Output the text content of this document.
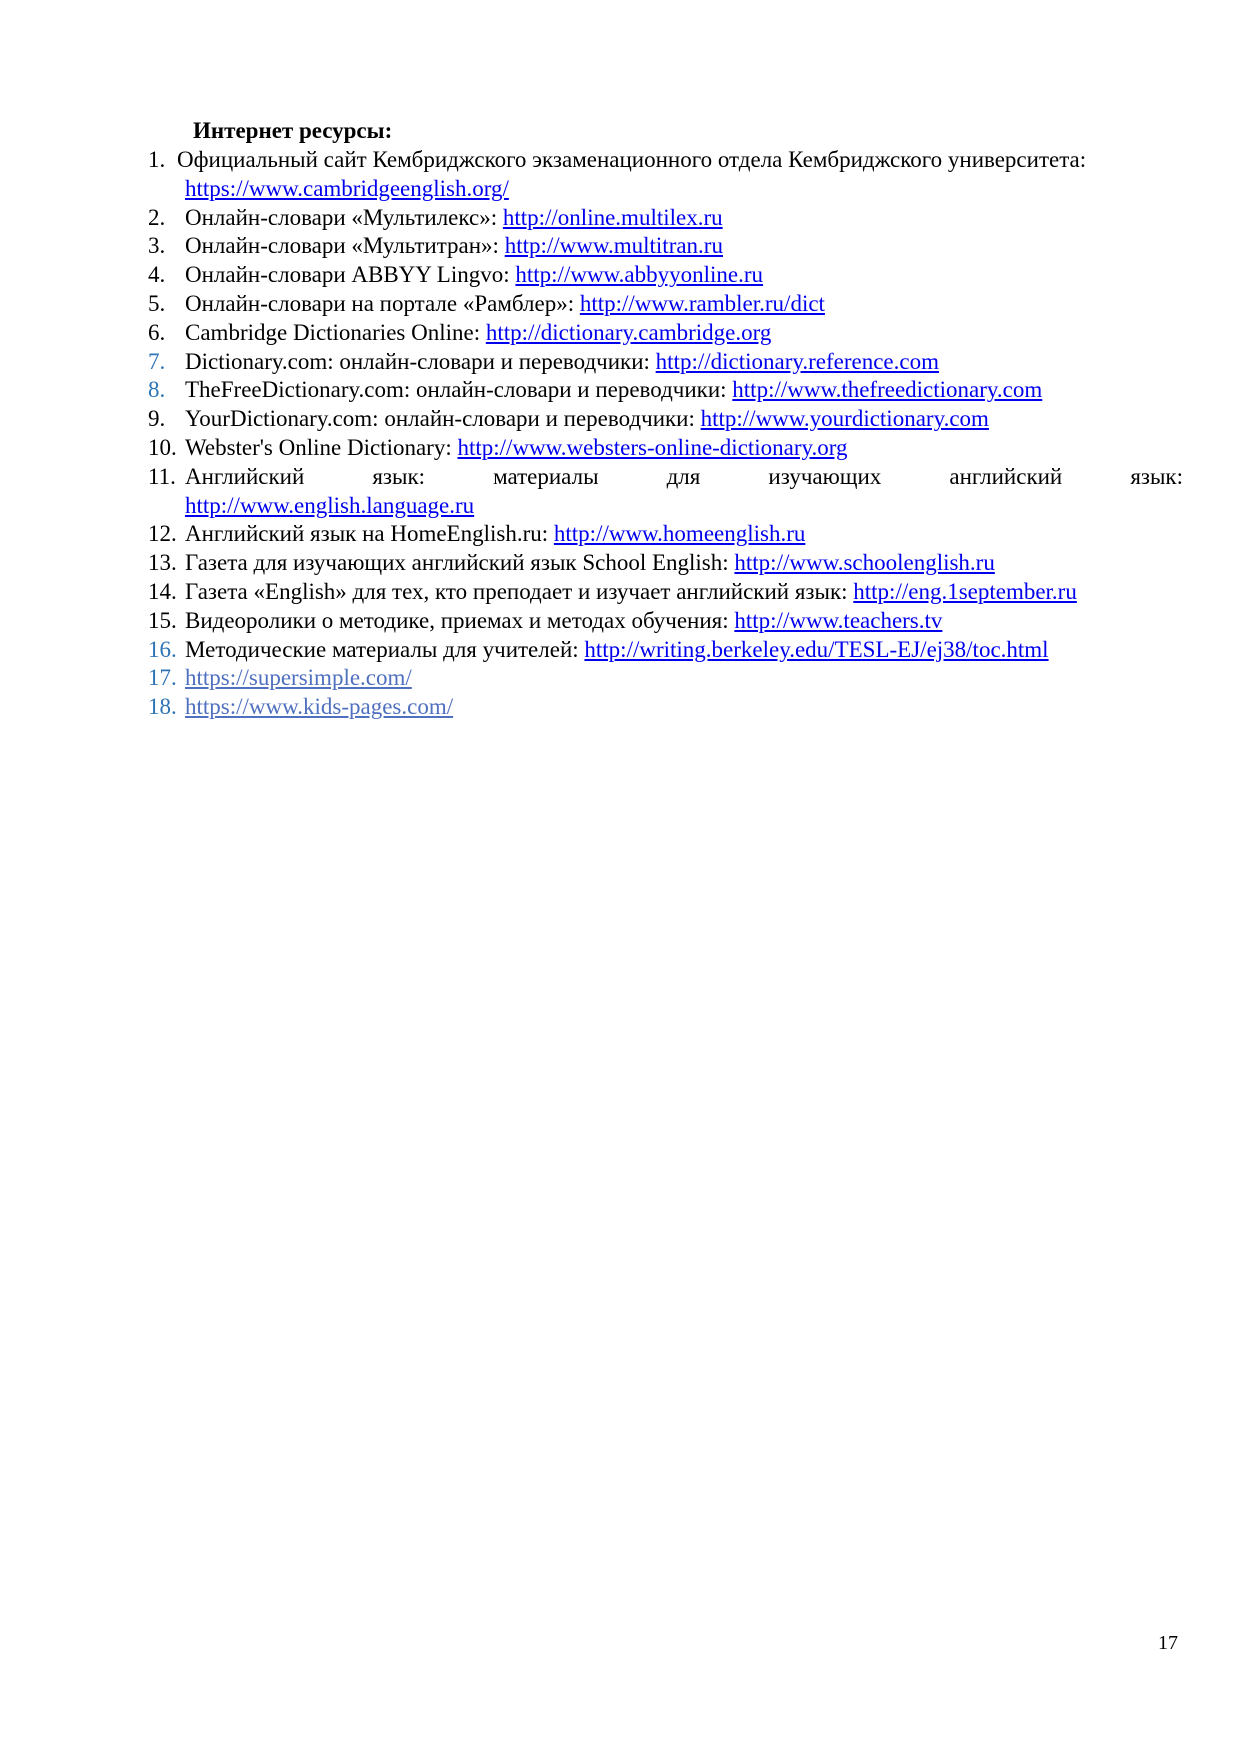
Интернет ресурсы:

1. Официальный сайт Кембриджского экзаменационного отдела Кембриджского университета:
https://www.cambridgeenglish.org/
2. Онлайн-словари «Мультилекс»: http://online.multilex.ru
3. Онлайн-словари «Мультитран»: http://www.multitran.ru
4. Онлайн-словари ABBYY Lingvo: http://www.abbyyonline.ru
5. Онлайн-словари на портале «Рамблер»: http://www.rambler.ru/dict
6. Cambridge Dictionaries Online: http://dictionary.cambridge.org
7. Dictionary.com: онлайн-словари и переводчики: http://dictionary.reference.com
8. TheFreeDictionary.com: онлайн-словари и переводчики: http://www.thefreedictionary.com
9. YourDictionary.com: онлайн-словари и переводчики: http://www.yourdictionary.com
10. Webster's Online Dictionary: http://www.websters-online-dictionary.org
11. Английский язык: материалы для изучающих английский язык:
http://www.english.language.ru
12. Английский язык на HomeEnglish.ru: http://www.homeenglish.ru
13. Газета для изучающих английский язык School English: http://www.schoolenglish.ru
14. Газета «English» для тех, кто преподает и изучает английский язык: http://eng.1september.ru
15. Видеоролики о методике, приемах и методах обучения: http://www.teachers.tv
16. Методические материалы для учителей: http://writing.berkeley.edu/TESL-EJ/ej38/toc.html
17. https://supersimple.com/
18. https://www.kids-pages.com/
17
